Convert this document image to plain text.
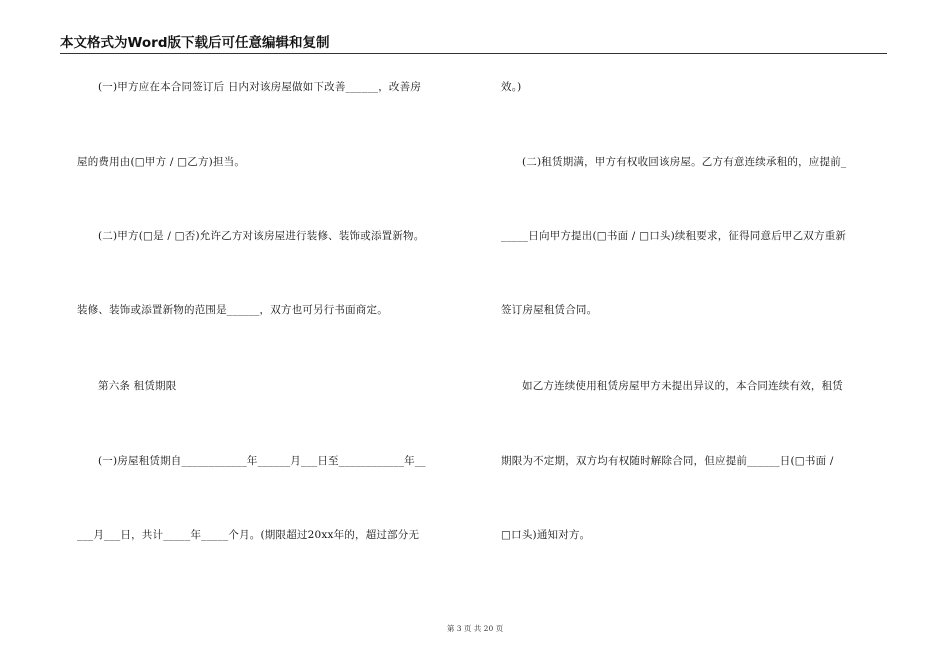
本文格式为Word版下载后可任意编辑和复制
(一)甲方应在本合同签订后 日内对该房屋做如下改善______，改善房
屋的费用由(□甲方 / □乙方)担当。
(二)甲方(□是 / □否)允许乙方对该房屋进行装修、装饰或添置新物。
装修、装饰或添置新物的范围是______，双方也可另行书面商定。
第六条 租赁期限
(一)房屋租赁期自____________年______月___日至____________年__
___月___日，共计_____年_____个月。(期限超过20xx年的，超过部分无
效。)
(二)租赁期满，甲方有权收回该房屋。乙方有意连续承租的，应提前_
_____日向甲方提出(□书面 / □口头)续租要求，征得同意后甲乙双方重新
签订房屋租赁合同。
如乙方连续使用租赁房屋甲方未提出异议的，本合同连续有效，租赁
期限为不定期，双方均有权随时解除合同，但应提前______日(□书面 /
□口头)通知对方。
第 3 页 共 20 页
